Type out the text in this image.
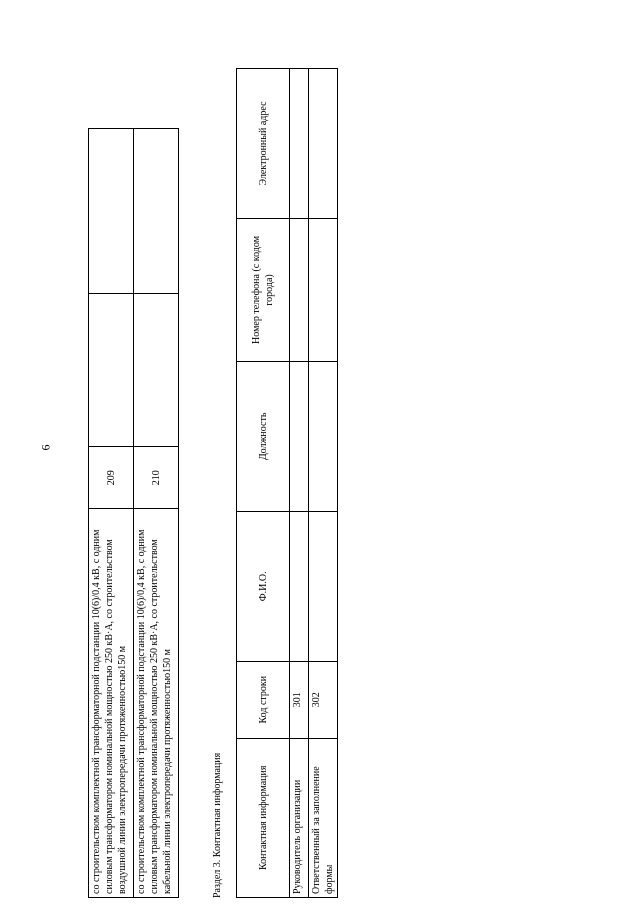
6
со строительством комплектной трансформаторной подстанции 10(6)/0,4 кВ, с одним силовым трансформатором номинальной мощностью 250 кВ·А, со строительством воздушной линии электропередачи протяженностью150 м	209		
со строительством комплектной трансформаторной подстанции 10(6)/0,4 кВ, с одним силовым трансформатором номинальной мощностью 250 кВ·А, со строительством кабельной линии электропередачи протяженностью150 м	210		
Раздел 3. Контактная информация	Контактная информация	Код строки	Ф.И.О.	Должность	Номер телефона (с кодом города)	Электронный адрес
Руководитель организации	301				
Ответственный за заполнение формы	302				
